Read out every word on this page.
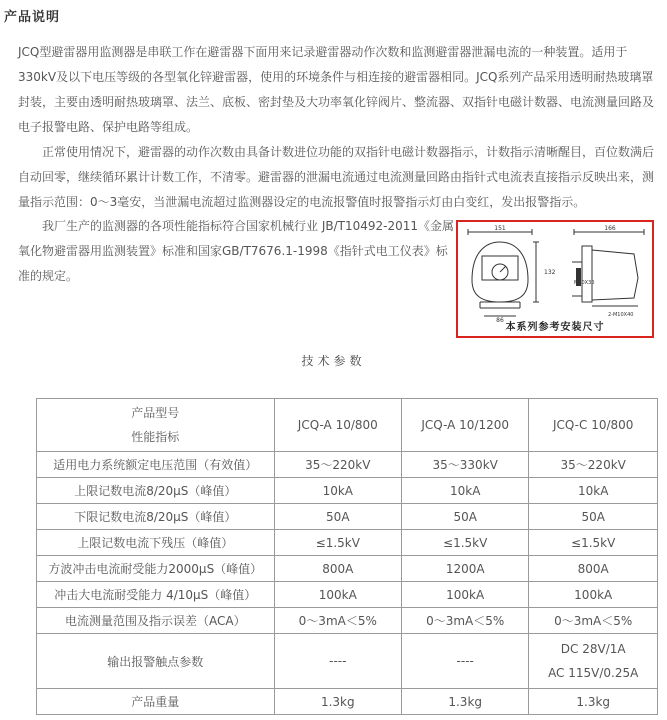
产品说明

JCQ型避雷器用监测器是串联工作在避雷器下面用来记录避雷器动作次数和监测避雷器泄漏电流的一种装置。适用于
330kV及以下电压等级的各型氧化锌避雷器，使用的环境条件与相连接的避雷器相同。JCQ系列产品采用透明耐热玻璃罩
封装，主要由透明耐热玻璃罩、法兰、底板、密封垫及大功率氧化锌阀片、整流器、双指针电磁计数器、电流测量回路及
电子报警电路、保护电路等组成。

正常使用情况下，避雷器的动作次数由具备计数进位功能的双指针电磁计数器指示，计数指示清晰醒目，百位数满后
自动回零，继续循环累计计数工作，不清零。避雷器的泄漏电流通过电流测量回路由指针式电流表直接指示反映出来，测
量指示范围：0～3毫安，当泄漏电流超过监测器设定的电流报警值时报警指示灯由白变红，发出报警指示。

我厂生产的监测器的各项性能指标符合国家机械行业 JB/T10492-2011《金属
氧化物避雷器用监测装置》标准和国家GB/T7676.1-1998《指针式电工仪表》标
准的规定。

151
132
86
166
M10X30
2-M10X40
本系列参考安装尺寸
技术参数
产品型号
性能指标	JCQ-A 10/800	JCQ-A 10/1200	JCQ-C 10/800
适用电力系统额定电压范围（有效值）	35～220kV	35～330kV	35～220kV
上限记数电流8/20μS（峰值）	10kA	10kA	10kA
下限记数电流8/20μS（峰值）	50A	50A	50A
上限记数电流下残压（峰值）	≤1.5kV	≤1.5kV	≤1.5kV
方波冲击电流耐受能力2000μS（峰值）	800A	1200A	800A
冲击大电流耐受能力 4/10μS（峰值）	100kA	100kA	100kA
电流测量范围及指示误差（ACA）	0～3mA＜5%	0～3mA＜5%	0～3mA＜5%
输出报警触点参数	----	----	DC 28V/1A
AC 115V/0.25A

产品重量	1.3kg	1.3kg	1.3kg
